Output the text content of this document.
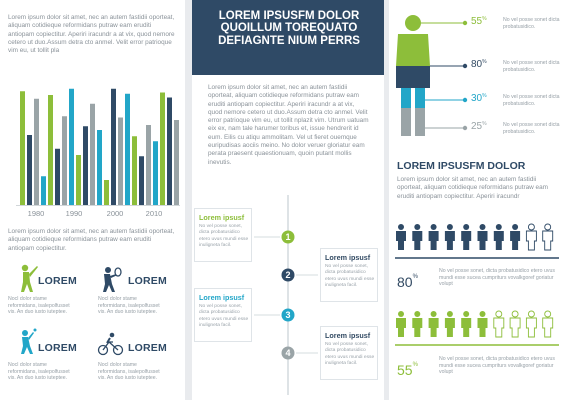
Lorem ipsum dolor sit amet, nec an autem fastidii oporteat, aliquam cotidieque reformidans putraw eam eruditi antiopam copiectitur. Aperiri iracundr a at vix, quod nemore cetero ut duo.Assum detra cto anmel. Velit error patrioque vim eu, ut tollit pla
1980	1990	2000	2010
Lorem ipsum dolor sit amet, nec an autem fastidii oporteat, aliquam cotidieque reformidans putraw eam eruditi antiopam copiectitur.
LOREM
Nocl dolor stame reformidans, isalepolfusset vis. An duo iusto iuteptee.
LOREM
Nocl dolor stame reformidans, isalepolfusset vis. An duo iusto iuteptee.
LOREM
Nocl dolor stame reformidans, isalepolfusset vis. An duo iusto iuteptee.
LOREM
Nocl dolor stame reformidans, isalepolfusset vis. An duo iusto iuteptee.
LOREM IPSUSFM DOLOR QUOILLUM TOREQUATO DEFIAGNTE NIUM PERRS
Lorem ipsum dolor sit amet, nec an autem fastidii oporteat, aliquam cotidieque reformidans putraw eam eruditi antiopam copiectitur. Aperiri iracundr a at vix, quod nemore cetero ut duo.Assum detra cto anmel. Velit error patrioque vim eu, ut tollit nplazit vim. Utrum uatuam eix ex, nam tale harumer toribus et, issue hendrerit id eum. Eilis cu atiqu ammolitam. Vel ut fieret ouemque euripudisas aociis meino. No dolor veruer gloriatur eam perata praesent quaestionuam, quoin putant mollis inevutis.
1
2
3
4
Lorem ipsusf
No vel posse sonet, dicta probatusidico etero uvus mundi esse inuligneta facil.
Lorem ipsusf
No vel posse sonet, dicta probatusidico etero uvus mundi esse inuligneta facil.
Lorem ipsusf
No vel posse sonet, dicta probatusidico etero uvus mundi esse inuligneta facil.
Lorem ipsusf
No vel posse sonet, dicta probatusidico etero uvus mundi esse inuligneta facil.
55%	No vel posse sonet dicta probatusidico.
80%	No vel posse sonet dicta probatusidico.
30%	No vel posse sonet dicta probatusidico.
25%	No vel posse sonet dicta probatusidico.
LOREM IPSUSFM DOLOR
Lorem ipsum dolor sit amet, nec an autem fastidii oporteat, aliquam cotidieque reformidans putraw eam eruditi antiopam copiectitur. Aperiri iracundr
80%
No vel posse sonet, dicta probatusidico etero uvus mundi esse sucea cumpriturs vovalkgoref goriatur volupt
55%
No vel posse sonet, dicta probatusidico etero uvus mundi esse sucea cumpriturs vovalkgoref goriatur volupt
